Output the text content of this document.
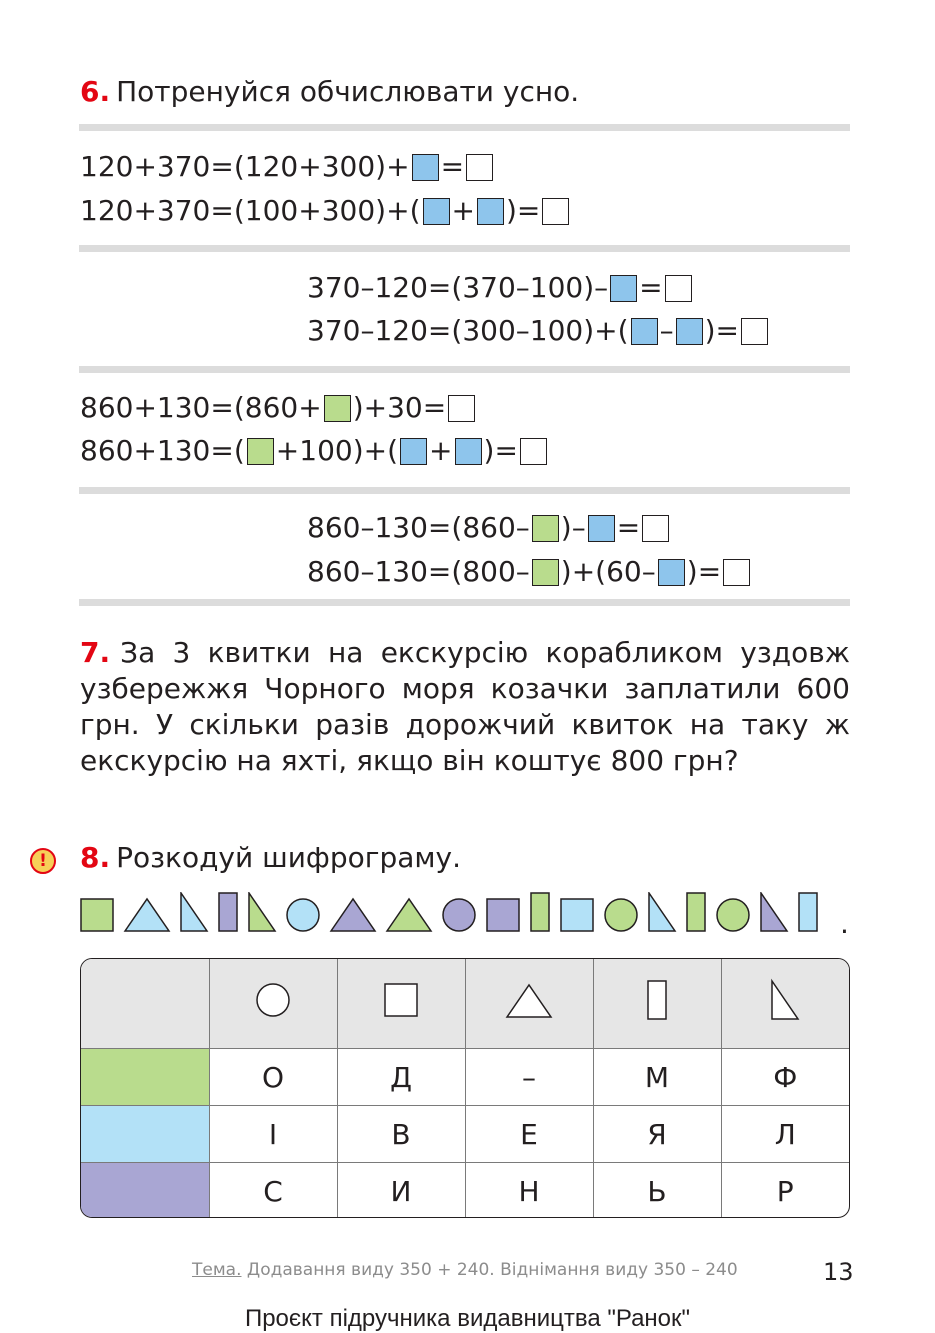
6. Потренуйся обчислювати усно.
120 + 370 = ( 120 + 300 ) + =
120 + 370 = ( 100 + 300 ) + ( + ) =
370 – 120 = ( 370 – 100 ) – =
370 – 120 = ( 300 – 100 ) + ( – ) =
860 + 130 = ( 860 + ) + 30 =
860 + 130 = ( + 100 ) + ( + ) =
860 – 130 = ( 860 – ) – =
860 – 130 = ( 800 – ) + ( 60 – ) =
7. За 3 квитки на екскурсію корабликом уздовж узбережжя Чорного моря козачки заплатили 600 грн. У скільки разів дорожчий квиток на таку ж екскурсію на яхті, якщо він коштує 800 грн?
!	8. Розкодуй шифрограму.
.

	О	Д	–	М	Ф
	І	В	Е	Я	Л
	С	И	Н	Ь	Р
Тема. Додавання виду 350 + 240. Віднімання виду 350 – 240	13
Проєкт підручника видавництва "Ранок"
